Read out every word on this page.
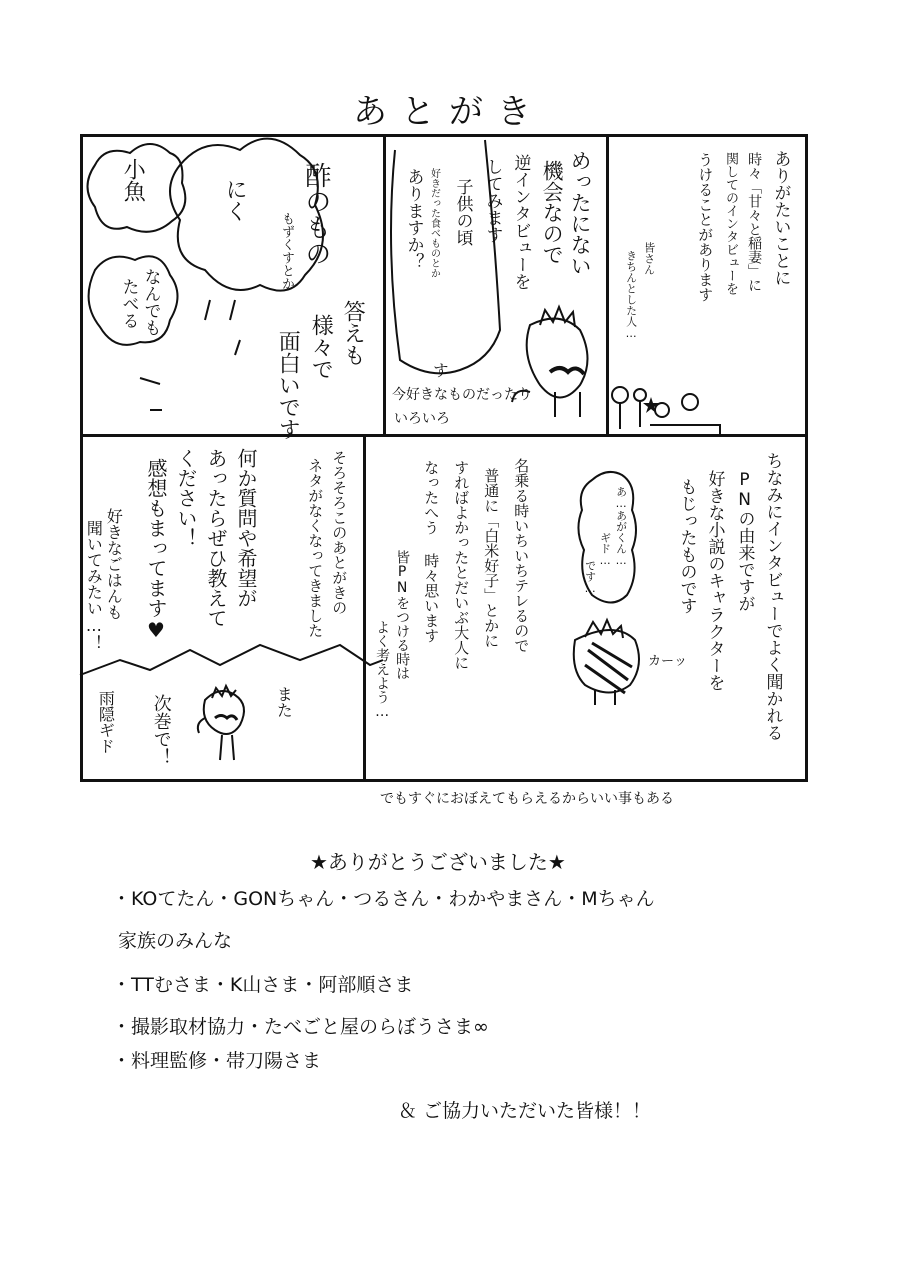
あとがき
小魚
なんでも
たべる
酢のもの
にく
もずくすとか
答えも
様々で
面白いです
めったにない
機会なので
逆インタビューを
してみます
子供の頃
好きだった食べものとか
ありますか？
す
今好きなものだったり
いろいろ
ありがたいことに
時々「甘々と稲妻」に
関してのインタビューを
うけることがあります
皆さん
きちんとした人…
何か質問や希望が
あったらぜひ教えて
ください！
感想もまってます♥	そろそろこのあとがきの
ネタがなくなってきました
好きなごはんも
聞いてみたい…！
また
次巻で！
雨隠ギド	ちなみにインタビューでよく聞かれる
PNの由来ですが
好きな小説のキャラクターを
もじったものです
名乗る時いちいちテレるので
普通に「白米好子」とかに
すればよかったとだいぶ大人に
なったへう 時々思います
皆PNをつける時は
よく考えよう…
あ…あがくん…
ギド…
です…
カーッ
でもすぐにおぼえてもらえるからいい事もある
★ありがとうございました★
・KOてたん・GONちゃん・つるさん・わかやまさん・Mちゃん
家族のみんな
・TTむさま・K山さま・阿部順さま
・撮影取材協力・たべごと屋のらぼうさま∞
・料理監修・帯刀陽さま
＆ ご協力いただいた皆様！！
